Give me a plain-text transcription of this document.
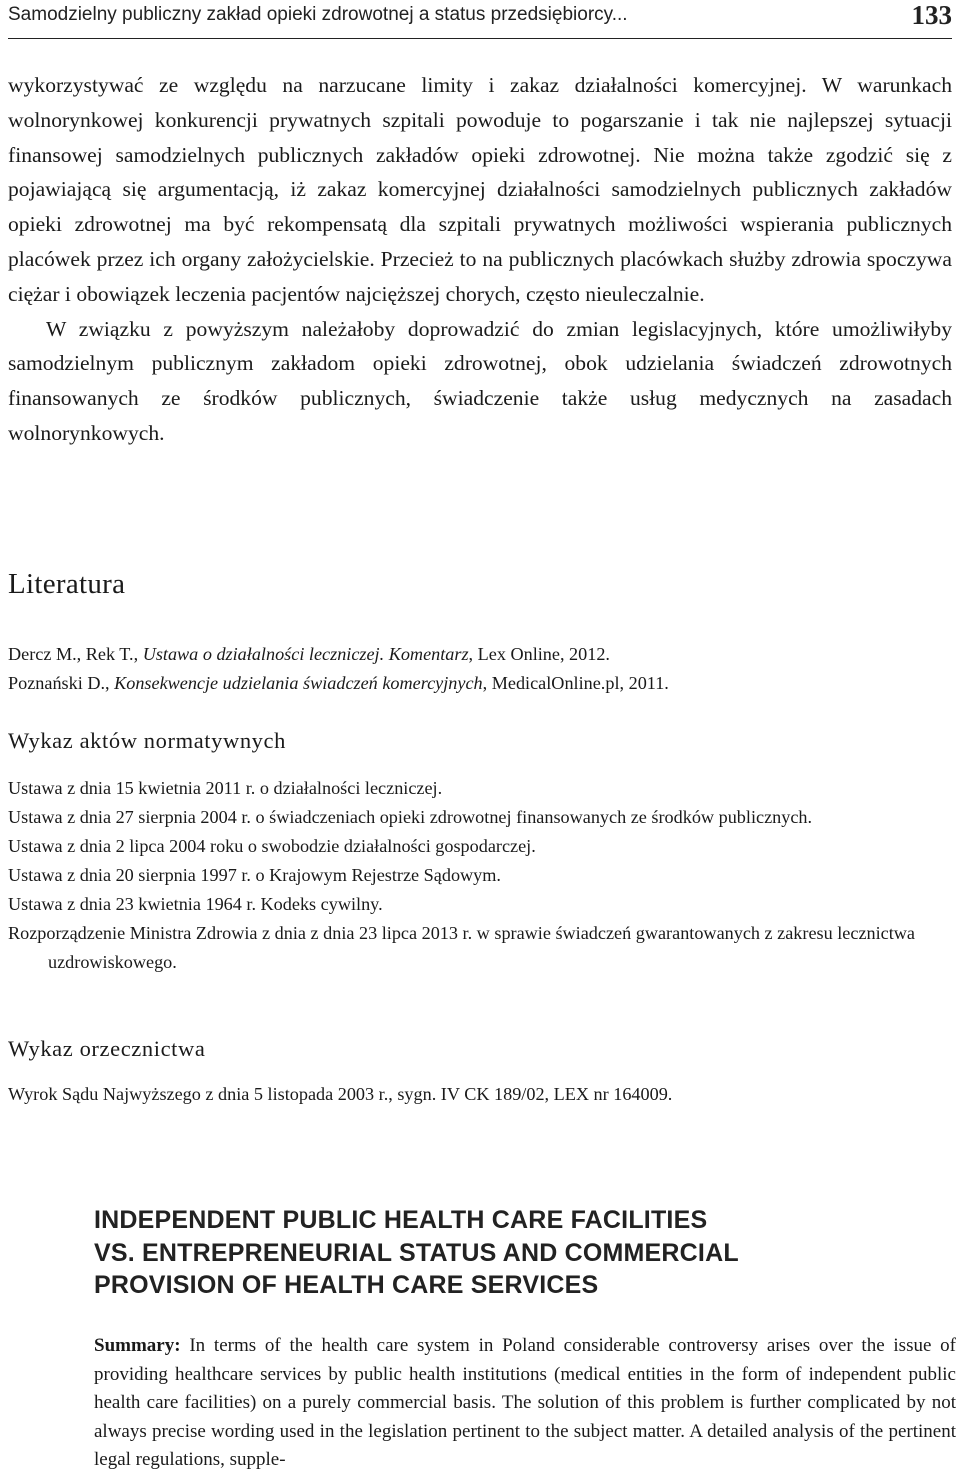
Samodzielny publiczny zakład opieki zdrowotnej a status przedsiębiorcy...	133

wykorzystywać ze względu na narzucane limity i zakaz działalności komercyjnej. W warunkach wolnorynkowej konkurencji prywatnych szpitali powoduje to pogarszanie i tak nie najlepszej sytuacji finansowej samodzielnych publicznych zakładów opieki zdrowotnej. Nie można także zgodzić się z pojawiającą się argumentacją, iż zakaz komercyjnej działalności samodzielnych publicznych zakładów opieki zdrowotnej ma być rekompensatą dla szpitali prywatnych możliwości wspierania publicznych placówek przez ich organy założycielskie. Przecież to na publicznych placówkach służby zdrowia spoczywa ciężar i obowiązek leczenia pacjentów najcięższej chorych, często nieuleczalnie.

W związku z powyższym należałoby doprowadzić do zmian legislacyjnych, które umożliwiłyby samodzielnym publicznym zakładom opieki zdrowotnej, obok udzielania świadczeń zdrowotnych finansowanych ze środków publicznych, świadczenie także usług medycznych na zasadach wolnorynkowych.

Literatura
Dercz M., Rek T., Ustawa o działalności leczniczej. Komentarz, Lex Online, 2012.
Poznański D., Konsekwencje udzielania świadczeń komercyjnych, MedicalOnline.pl, 2011.
Wykaz aktów normatywnych
Ustawa z dnia 15 kwietnia 2011 r. o działalności leczniczej.
Ustawa z dnia 27 sierpnia 2004 r. o świadczeniach opieki zdrowotnej finansowanych ze środków publicznych.
Ustawa z dnia 2 lipca 2004 roku o swobodzie działalności gospodarczej.
Ustawa z dnia 20 sierpnia 1997 r. o Krajowym Rejestrze Sądowym.
Ustawa z dnia 23 kwietnia 1964 r. Kodeks cywilny.
Rozporządzenie Ministra Zdrowia z dnia z dnia 23 lipca 2013 r. w sprawie świadczeń gwarantowanych z zakresu lecznictwa uzdrowiskowego.
Wykaz orzecznictwa
Wyrok Sądu Najwyższego z dnia 5 listopada 2003 r., sygn. IV CK 189/02, LEX nr 164009.
INDEPENDENT PUBLIC HEALTH CARE FACILITIES
VS. ENTREPRENEURIAL STATUS AND COMMERCIAL
PROVISION OF HEALTH CARE SERVICES

Summary: In terms of the health care system in Poland considerable controversy arises over the issue of providing healthcare services by public health institutions (medical entities in the form of independent public health care facilities) on a purely commercial basis. The solution of this problem is further complicated by not always precise wording used in the legislation pertinent to the subject matter. A detailed analysis of the pertinent legal regulations, supple-
